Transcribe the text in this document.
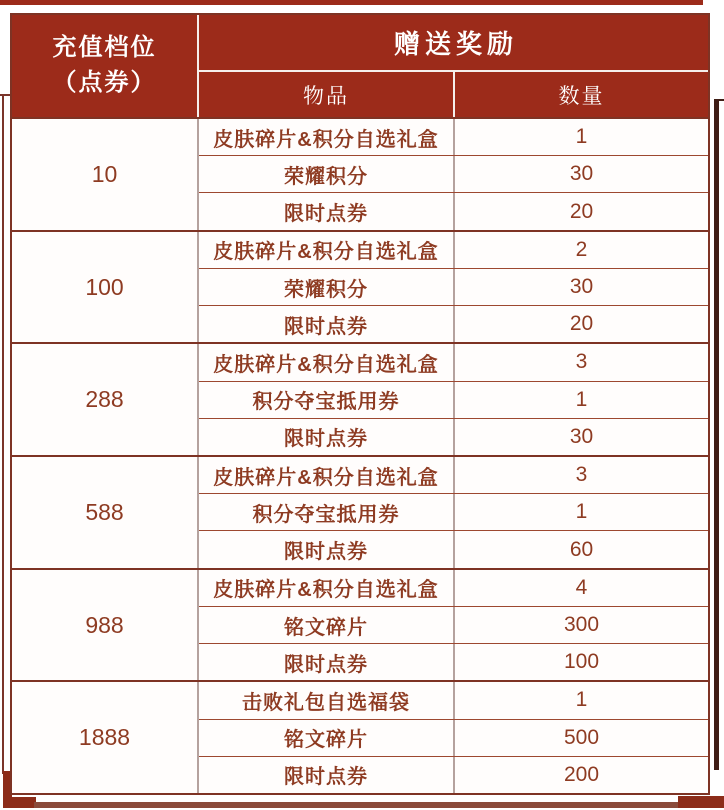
充值档位
（点券）
赠送奖励
物品	数量
10
皮肤碎片&积分自选礼盒	1
荣耀积分	30
限时点券	20
100
皮肤碎片&积分自选礼盒	2
荣耀积分	30
限时点券	20
288
皮肤碎片&积分自选礼盒	3
积分夺宝抵用券	1
限时点券	30
588
皮肤碎片&积分自选礼盒	3
积分夺宝抵用券	1
限时点券	60
988
皮肤碎片&积分自选礼盒	4
铭文碎片	300
限时点券	100
1888
击败礼包自选福袋	1
铭文碎片	500
限时点券	200
